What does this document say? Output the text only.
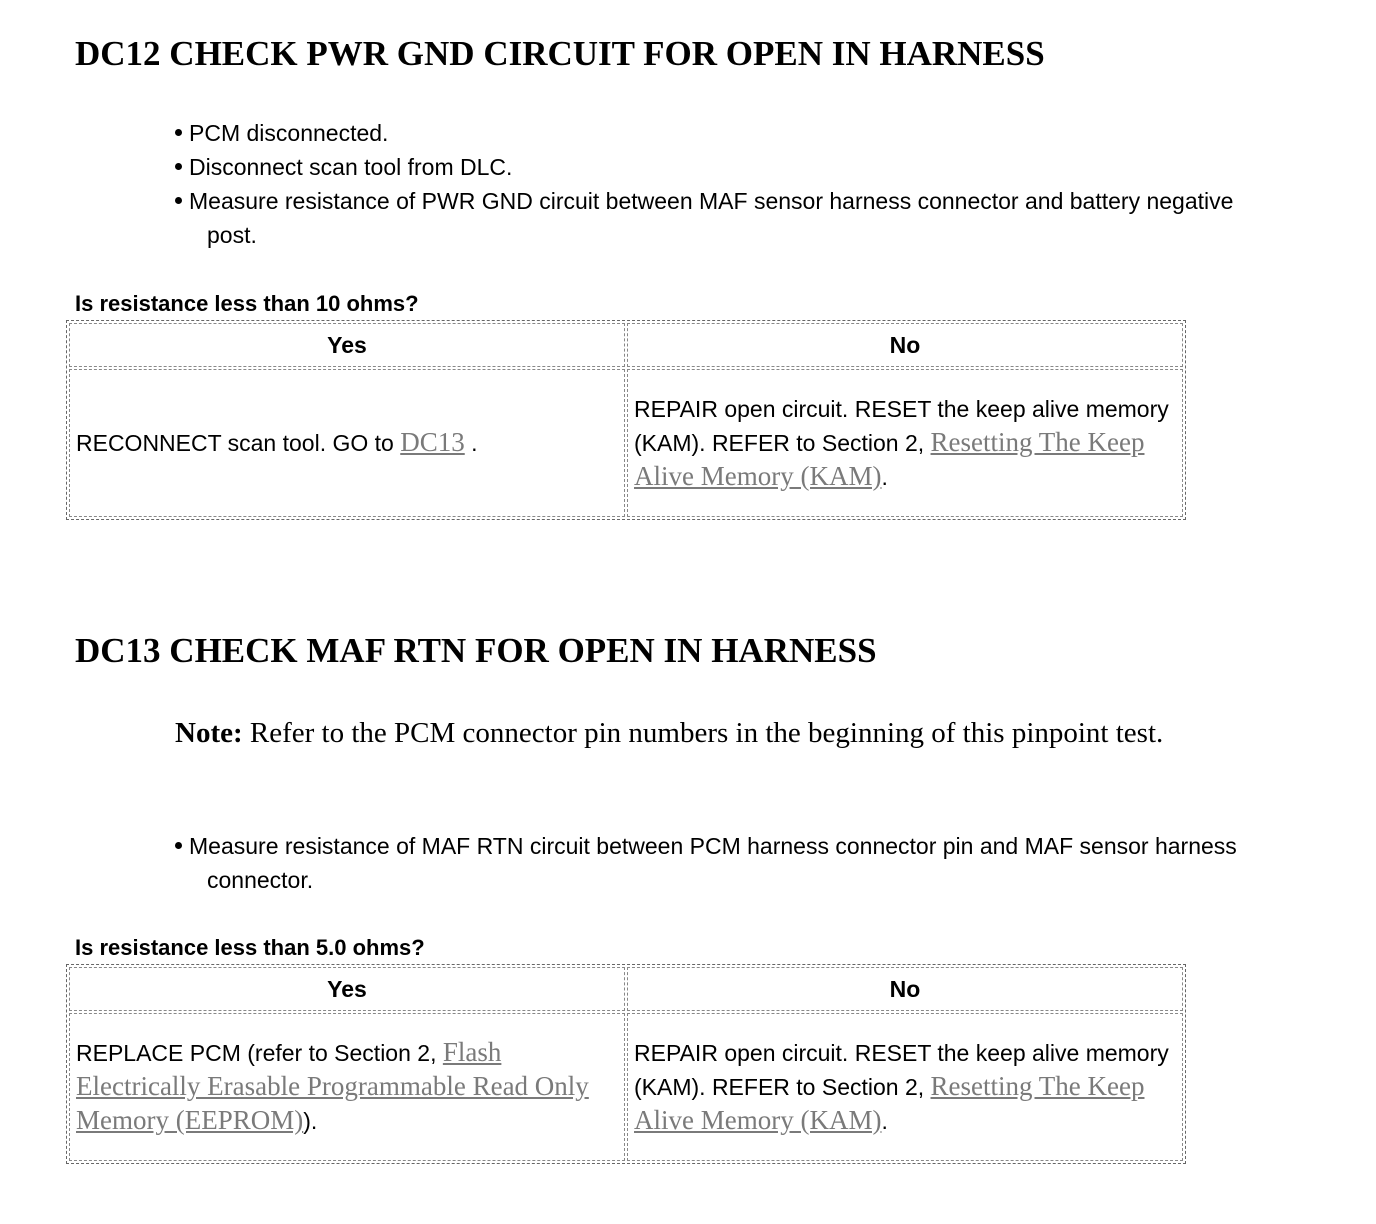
DC12 CHECK PWR GND CIRCUIT FOR OPEN IN HARNESS
PCM disconnected.
Disconnect scan tool from DLC.
Measure resistance of PWR GND circuit between MAF sensor harness connector and battery negative post.
Is resistance less than 10 ohms?
Yes	No
RECONNECT scan tool. GO to DC13 .	REPAIR open circuit. RESET the keep alive memory (KAM). REFER to Section 2, Resetting The Keep Alive Memory (KAM).
DC13 CHECK MAF RTN FOR OPEN IN HARNESS
Note: Refer to the PCM connector pin numbers in the beginning of this pinpoint test.
Measure resistance of MAF RTN circuit between PCM harness connector pin and MAF sensor harness connector.
Is resistance less than 5.0 ohms?
Yes	No
REPLACE PCM (refer to Section 2, Flash Electrically Erasable Programmable Read Only Memory (EEPROM)).	REPAIR open circuit. RESET the keep alive memory (KAM). REFER to Section 2, Resetting The Keep Alive Memory (KAM).
